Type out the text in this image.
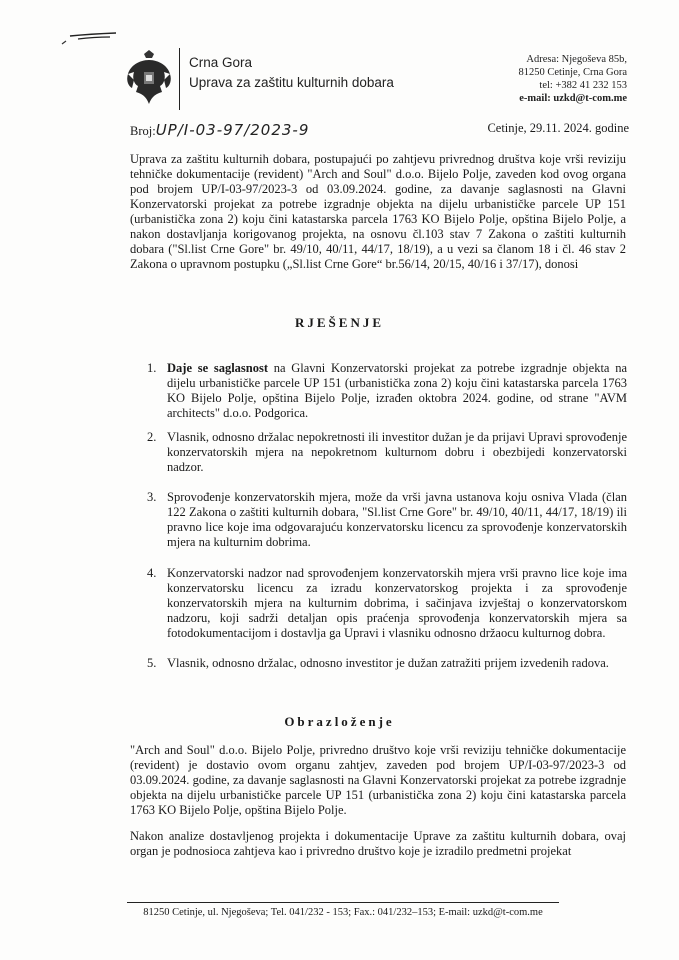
Crna Gora
Uprava za zaštitu kulturnih dobara
Adresa: Njegoševa 85b,
81250 Cetinje, Crna Gora
tel: +382 41 232 153
e-mail: uzkd@t-com.me
Broj:UP/I-03-97/2023-9	Cetinje, 29.11. 2024. godine
Uprava za zaštitu kulturnih dobara, postupajući po zahtjevu privrednog društva koje vrši reviziju tehničke dokumentacije (revident) "Arch and Soul" d.o.o. Bijelo Polje, zaveden kod ovog organa pod brojem UP/I-03-97/2023-3 od 03.09.2024. godine, za davanje saglasnosti na Glavni Konzervatorski projekat za potrebe izgradnje objekta na dijelu urbanističke parcele UP 151 (urbanistička zona 2) koju čini katastarska parcela 1763 KO Bijelo Polje, opština Bijelo Polje, a nakon dostavljanja korigovanog projekta, na osnovu čl.103 stav 7 Zakona o zaštiti kulturnih dobara ("Sl.list Crne Gore" br. 49/10, 40/11, 44/17, 18/19), a u vezi sa članom 18 i čl. 46 stav 2 Zakona o upravnom postupku („Sl.list Crne Gore“ br.56/14, 20/15, 40/16 i 37/17), donosi
RJEŠENJE
1. Daje se saglasnost na Glavni Konzervatorski projekat za potrebe izgradnje objekta na dijelu urbanističke parcele UP 151 (urbanistička zona 2) koju čini katastarska parcela 1763 KO Bijelo Polje, opština Bijelo Polje, izrađen oktobra 2024. godine, od strane "AVM architects" d.o.o. Podgorica.
2. Vlasnik, odnosno držalac nepokretnosti ili investitor dužan je da prijavi Upravi sprovođenje konzervatorskih mjera na nepokretnom kulturnom dobru i obezbijedi konzervatorski nadzor.
3. Sprovođenje konzervatorskih mjera, može da vrši javna ustanova koju osniva Vlada (član 122 Zakona o zaštiti kulturnih dobara, "Sl.list Crne Gore" br. 49/10, 40/11, 44/17, 18/19) ili pravno lice koje ima odgovarajuću konzervatorsku licencu za sprovođenje konzervatorskih mjera na kulturnim dobrima.
4. Konzervatorski nadzor nad sprovođenjem konzervatorskih mjera vrši pravno lice koje ima konzervatorsku licencu za izradu konzervatorskog projekta i za sprovođenje konzervatorskih mjera na kulturnim dobrima, i sačinjava izvještaj o konzervatorskom nadzoru, koji sadrži detaljan opis praćenja sprovođenja konzervatorskih mjera sa fotodokumentacijom i dostavlja ga Upravi i vlasniku odnosno držaocu kulturnog dobra.
5. Vlasnik, odnosno držalac, odnosno investitor je dužan zatražiti prijem izvedenih radova.
Obrazloženje
"Arch and Soul" d.o.o. Bijelo Polje, privredno društvo koje vrši reviziju tehničke dokumentacije (revident) je dostavio ovom organu zahtjev, zaveden pod brojem UP/I-03-97/2023-3 od 03.09.2024. godine, za davanje saglasnosti na Glavni Konzervatorski projekat za potrebe izgradnje objekta na dijelu urbanističke parcele UP 151 (urbanistička zona 2) koju čini katastarska parcela 1763 KO Bijelo Polje, opština Bijelo Polje.
Nakon analize dostavljenog projekta i dokumentacije Uprave za zaštitu kulturnih dobara, ovaj organ je podnosioca zahtjeva kao i privredno društvo koje je izradilo predmetni projekat
81250 Cetinje, ul. Njegoševa; Tel. 041/232 - 153; Fax.: 041/232–153; E-mail: uzkd@t-com.me
